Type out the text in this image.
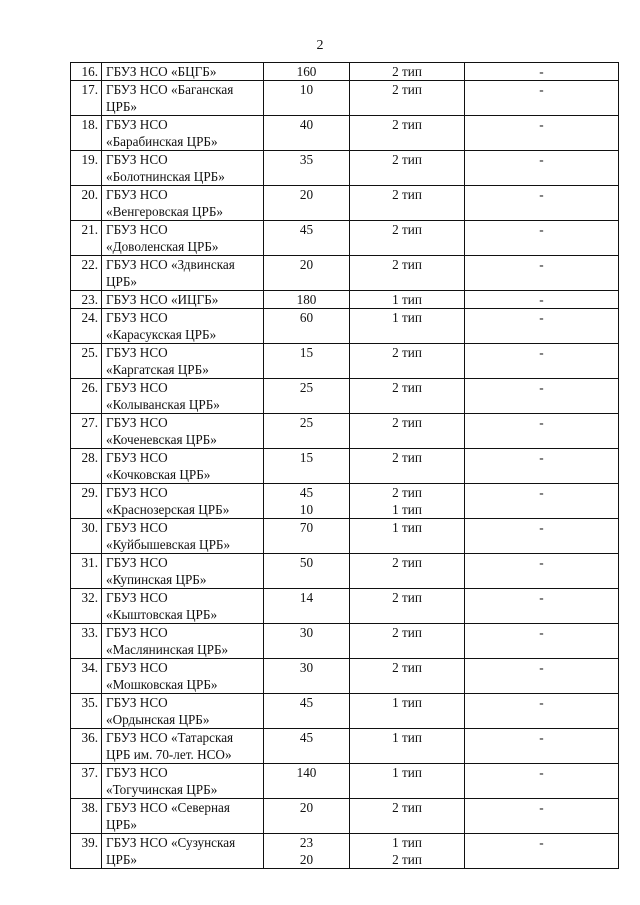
2
16.	ГБУЗ НСО «БЦГБ»	160	2 тип	-
17.	ГБУЗ НСО «Баганская
ЦРБ»	10	2 тип	-
18.	ГБУЗ НСО
«Барабинская ЦРБ»	40	2 тип	-
19.	ГБУЗ НСО
«Болотнинская ЦРБ»	35	2 тип	-
20.	ГБУЗ НСО
«Венгеровская ЦРБ»	20	2 тип	-
21.	ГБУЗ НСО
«Доволенская ЦРБ»	45	2 тип	-
22.	ГБУЗ НСО «Здвинская
ЦРБ»	20	2 тип	-
23.	ГБУЗ НСО «ИЦГБ»	180	1 тип	-
24.	ГБУЗ НСО
«Карасукская ЦРБ»	60	1 тип	-
25.	ГБУЗ НСО
«Каргатская ЦРБ»	15	2 тип	-
26.	ГБУЗ НСО
«Колыванская ЦРБ»	25	2 тип	-
27.	ГБУЗ НСО
«Коченевская ЦРБ»	25	2 тип	-
28.	ГБУЗ НСО
«Кочковская ЦРБ»	15	2 тип	-
29.	ГБУЗ НСО
«Краснозерская ЦРБ»	45
10	2 тип
1 тип	-
30.	ГБУЗ НСО
«Куйбышевская ЦРБ»	70	1 тип	-
31.	ГБУЗ НСО
«Купинская ЦРБ»	50	2 тип	-
32.	ГБУЗ НСО
«Кыштовская ЦРБ»	14	2 тип	-
33.	ГБУЗ НСО
«Маслянинская ЦРБ»	30	2 тип	-
34.	ГБУЗ НСО
«Мошковская ЦРБ»	30	2 тип	-
35.	ГБУЗ НСО
«Ордынская ЦРБ»	45	1 тип	-
36.	ГБУЗ НСО «Татарская
ЦРБ им. 70-лет. НСО»	45	1 тип	-
37.	ГБУЗ НСО
«Тогучинская ЦРБ»	140	1 тип	-
38.	ГБУЗ НСО «Северная
ЦРБ»	20	2 тип	-
39.	ГБУЗ НСО «Сузунская
ЦРБ»	23
20	1 тип
2 тип	-
